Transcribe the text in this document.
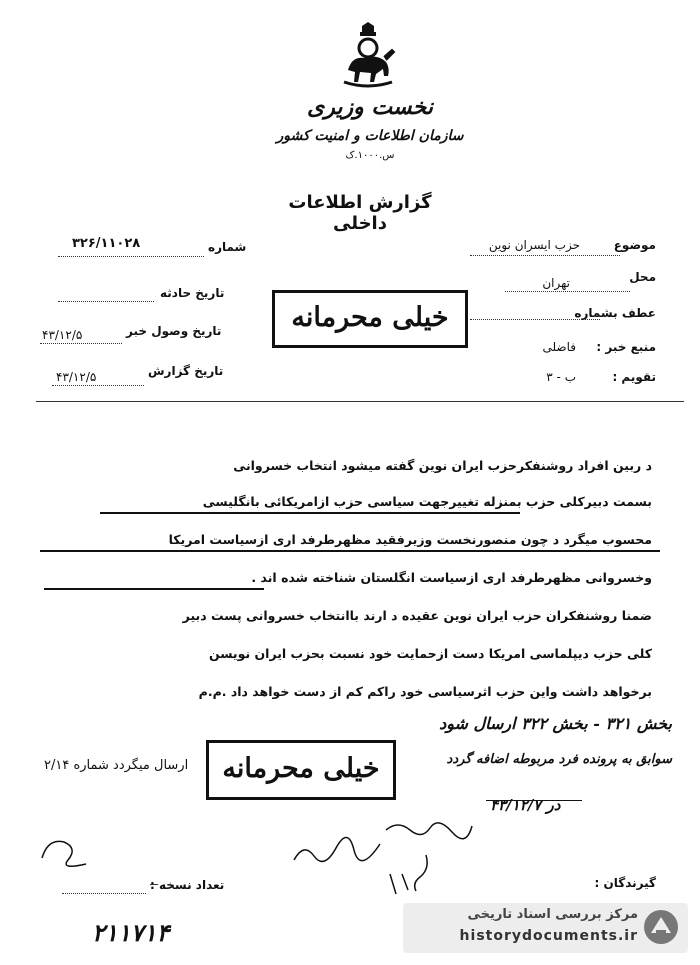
نخست وزیری
سازمان اطلاعات و امنیت کشور
س.۱۰۰۰.ک
گزارش اطلاعات داخلی
موضوع
حزب ایسران نوین
محل
تهران
عطف بشماره
منبع خبر :
فاضلی
تقویم :
ب - ٣
شماره
۳۲۶/۱۱۰۲۸
تاریخ حادثه
تاریخ وصول خبر
۴۳/۱۲/۵
تاریخ گزارش
۴۳/۱۲/۵
خیلی محرمانه
د ربین افراد روشنفکرحزب ایران نوین گفته میشود انتخاب خسروانی
بسمت دبیرکلی حزب بمنزله تغییرجهت سیاسی حزب ازامریکائی بانگلیسی
محسوب میگرد د چون منصورنخست وزیرفقید مظهرطرفد اری ازسیاست امریکا
وخسروانی مظهرطرفد اری ازسیاست انگلستان شناخته شده اند .
ضمنا روشنفکران حزب ایران نوین عقیده د ارند باانتخاب خسروانی پست دبیر
کلی حزب دیپلماسی امریکا دست ازحمایت خود نسبت بحزب ایران نویسن
برخواهد داشت واین حزب اثرسیاسی خود راکم کم از دست خواهد داد .م.م
بخش ۳۲۱ - بخش ۳۲۲ ارسال شود
سوابق به پرونده فرد مربوطه اضافه گردد
در ۴۳/۱۲/۷
ارسال میگردد شماره ۲/۱۴	خیلی محرمانه
گیرندگان :
تعداد نسخه :
۲۱۱۷۱۴
مرکز بررسی اسناد تاریخی
historydocuments.ir
